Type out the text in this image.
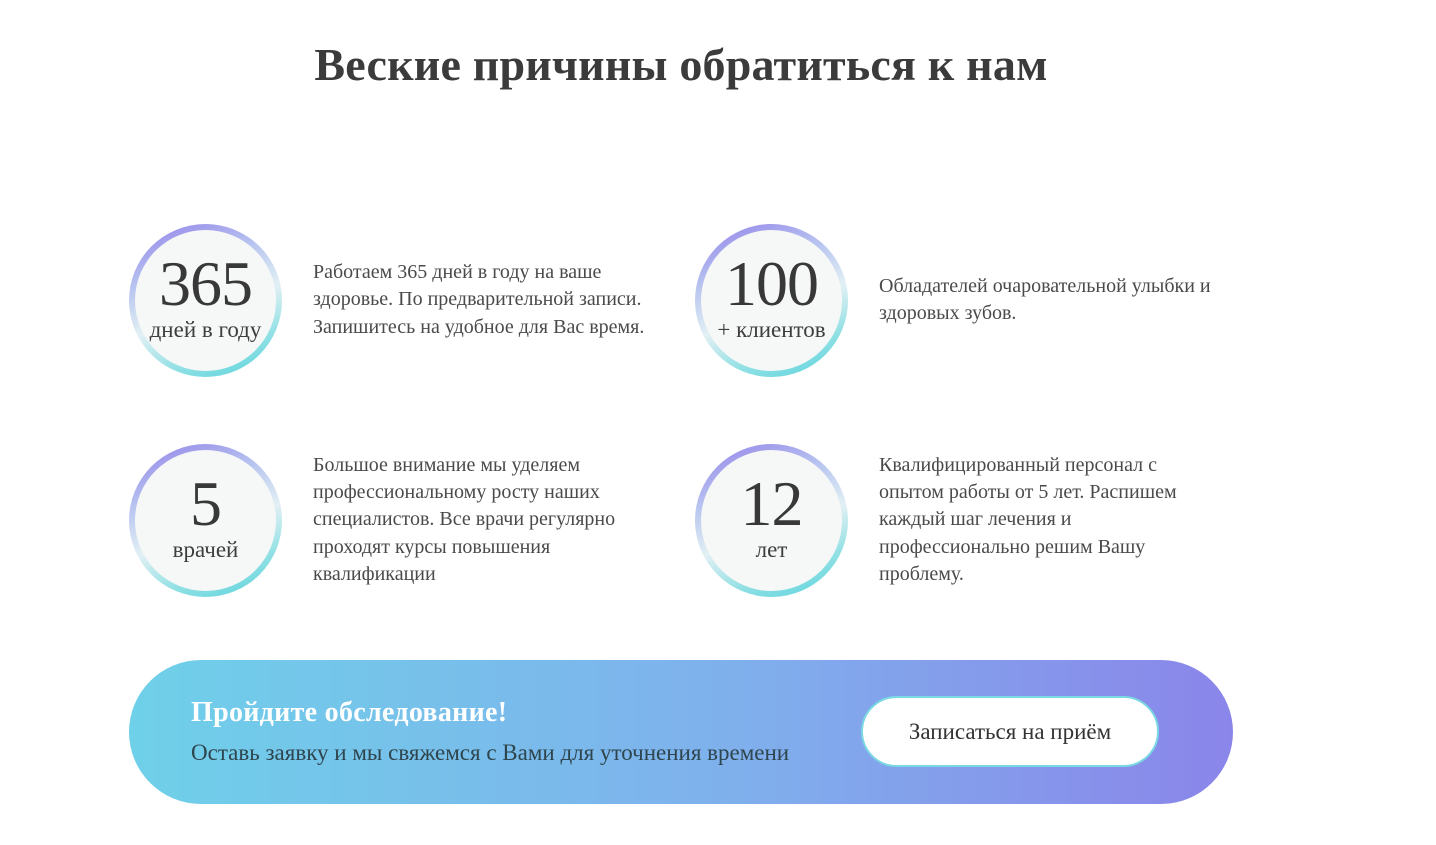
Веские причины обратиться к нам
365
дней в году

Работаем 365 дней в году на ваше здоровье. По предварительной записи. Запишитесь на удобное для Вас время.

100
+ клиентов

Обладателей очаровательной улыбки и здоровых зубов.

5
врачей

Большое внимание мы уделяем профессиональному росту наших специалистов. Все врачи регулярно проходят курсы повышения квалификации

12
лет

Квалифицированный персонал с опытом работы от 5 лет. Распишем каждый шаг лечения и профессионально решим Вашу проблему.

Пройдите обследование!
Оставь заявку и мы свяжемся с Вами для уточнения времени
Записаться на приём
